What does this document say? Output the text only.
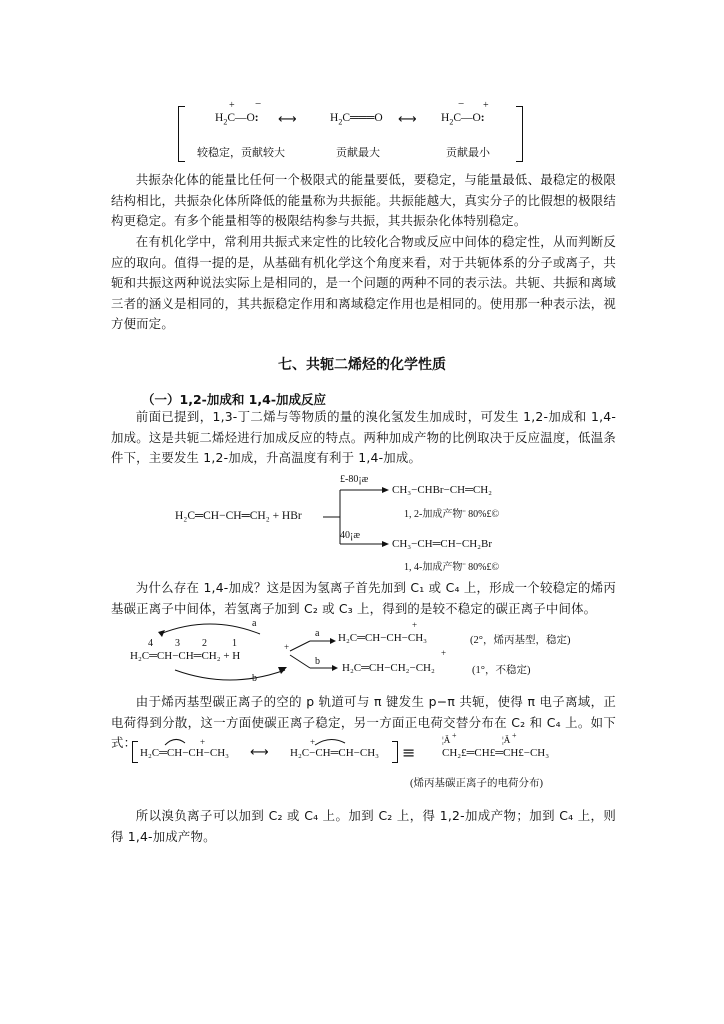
$H_2C—O$:
+ −
⟷	$H_2C═══O$ ⟷ $H_2C—O$:
− +
较稳定，贡献较大	贡献最大	贡献最小

共振杂化体的能量比任何一个极限式的能量要低，要稳定，与能量最低、最稳定的极限结构相比，共振杂化体所降低的能量称为共振能。共振能越大，真实分子的比假想的极限结构更稳定。有多个能量相等的极限结构参与共振，其共振杂化体特别稳定。

在有机化学中，常利用共振式来定性的比较化合物或反应中间体的稳定性，从而判断反应的取向。值得一提的是，从基础有机化学这个角度来看，对于共轭体系的分子或离子，共轭和共振这两种说法实际上是相同的，是一个问题的两种不同的表示法。共轭、共振和离域三者的涵义是相同的，其共振稳定作用和离域稳定作用也是相同的。使用那一种表示法，视方便而定。

七、共轭二烯烃的化学性质
（一）1,2-加成和 1,4-加成反应

前面已提到，1,3-丁二烯与等物质的量的溴化氢发生加成时，可发生 1,2-加成和 1,4-加成。这是共轭二烯烃进行加成反应的特点。两种加成产物的比例取决于反应温度，低温条件下，主要发生 1,2-加成，升高温度有利于 1,4-加成。

H₂C═CH−CH═CH₂ + HBr
£-80¡æ
40¡æ
CH₃−CHBr−CH═CH₂
1, 2-加成产物¨ 80%£©
CH₃−CH═CH−CH₂Br
1, 4-加成产物¨ 80%£©

为什么存在 1,4-加成？这是因为氢离子首先加到 C₁ 或 C₄ 上，形成一个较稳定的烯丙基碳正离子中间体，若氢离子加到 C₂ 或 C₃ 上，得到的是较不稳定的碳正离子中间体。

a
b
4 3 2	1
H₂C═CH−CH═CH₂ + H
+
a
b
+
H₂C═CH−CH−CH₃	(2°，烯丙基型，稳定)
+
H₂C═CH−CH₂−CH₂	(1°，不稳定)

由于烯丙基型碳正离子的空的 p 轨道可与 π 键发生 p−π 共轭，使得 π 电子离域，正电荷得到分散，这一方面使碳正离子稳定，另一方面正电荷交替分布在 C₂ 和 C₄ 上。如下式：

H₂C═CH−CH−CH₃
+
⟷ H₂C−CH═CH−CH₃
+
≡
¦Ä +	¦Ä +
CH₂£═CH£═CH£−CH₃
(烯丙基碳正离子的电荷分布)

所以溴负离子可以加到 C₂ 或 C₄ 上。加到 C₂ 上，得 1,2-加成产物；加到 C₄ 上，则得 1,4-加成产物。
